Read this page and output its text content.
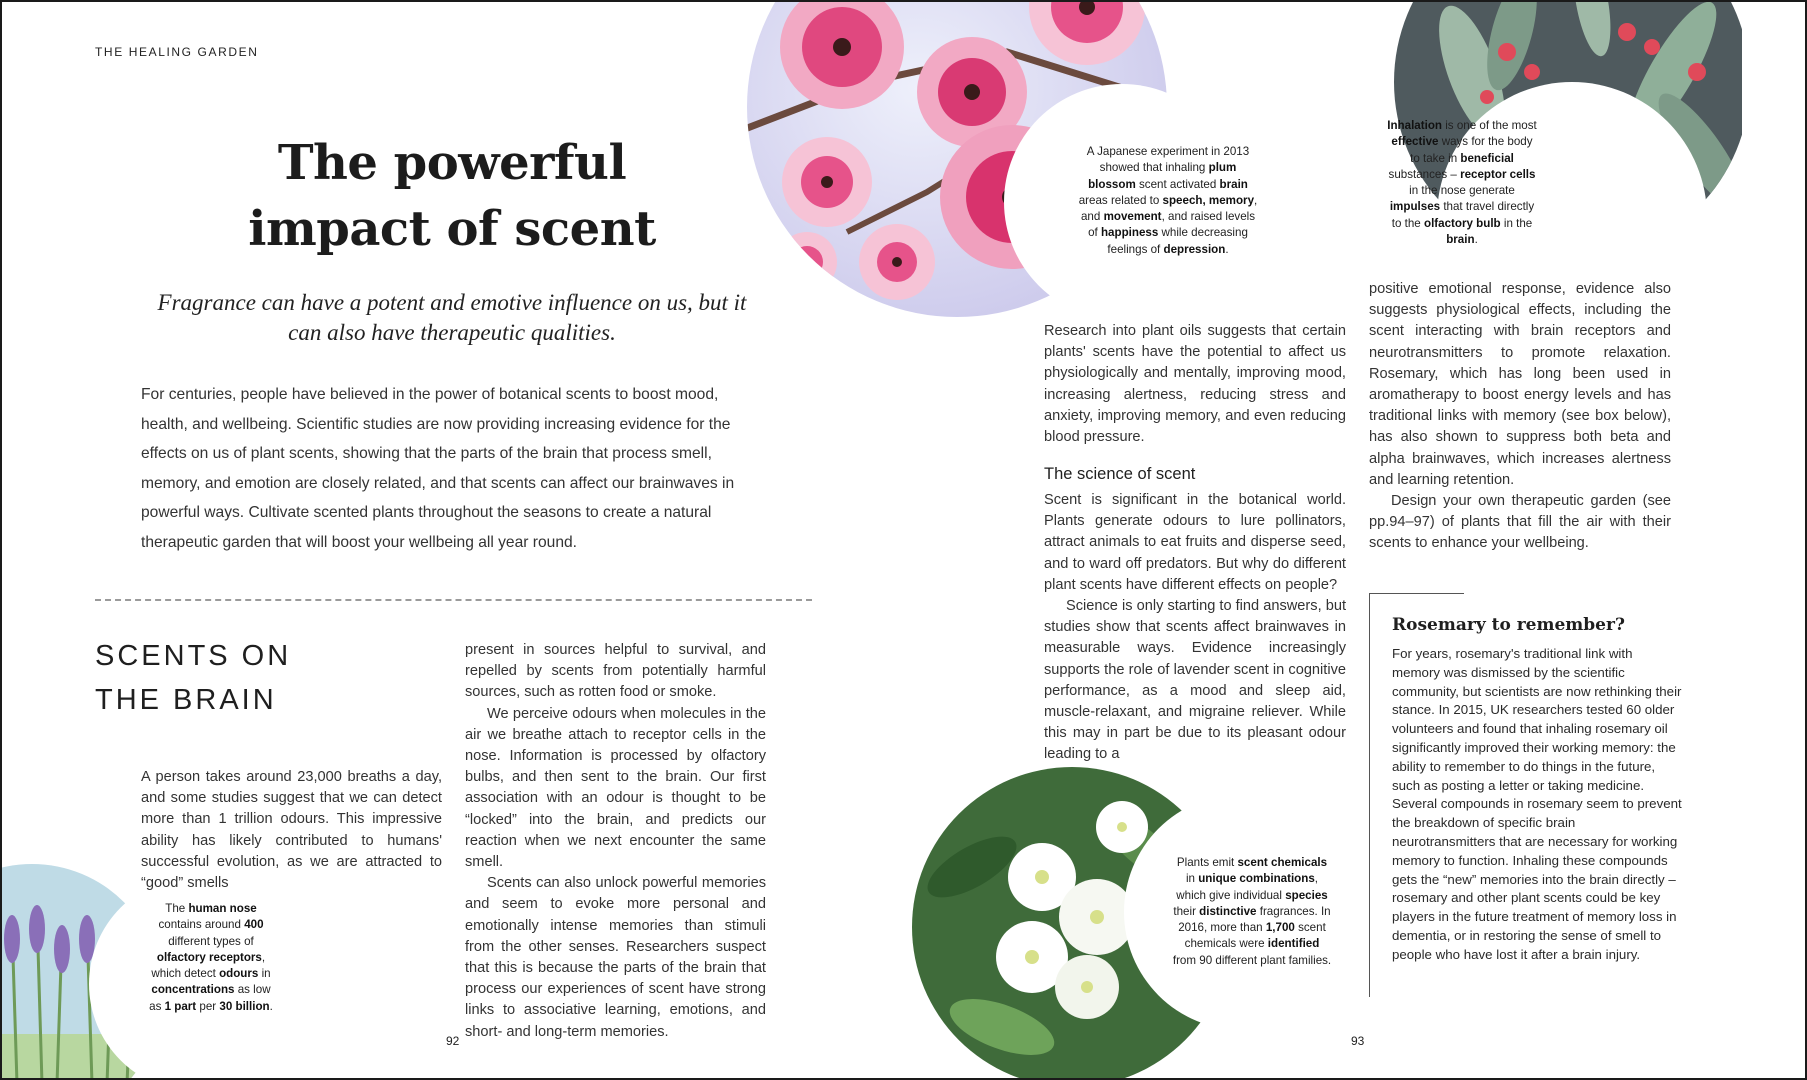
THE HEALING GARDEN
The powerful impact of scent
Fragrance can have a potent and emotive influence on us, but it can also have therapeutic qualities.
For centuries, people have believed in the power of botanical scents to boost mood, health, and wellbeing. Scientific studies are now providing increasing evidence for the effects on us of plant scents, showing that the parts of the brain that process smell, memory, and emotion are closely related, and that scents can affect our brainwaves in powerful ways. Cultivate scented plants throughout the seasons to create a natural therapeutic garden that will boost your wellbeing all year round.
SCENTS ON
THE BRAIN

A person takes around 23,000 breaths a day, and some studies suggest that we can detect more than 1 trillion odours. This impressive ability has likely contributed to humans' successful evolution, as we are attracted to “good” smells

present in sources helpful to survival, and repelled by scents from potentially harmful sources, such as rotten food or smoke.

We perceive odours when molecules in the air we breathe attach to receptor cells in the nose. Information is processed by olfactory bulbs, and then sent to the brain. Our first association with an odour is thought to be “locked” into the brain, and predicts our reaction when we next encounter the same smell.

Scents can also unlock powerful memories and seem to evoke more personal and emotionally intense memories than stimuli from the other senses. Researchers suspect that this is because the parts of the brain that process our experiences of scent have strong links to associative learning, emotions, and short- and long-term memories.

The human nose contains around 400 different types of olfactory receptors, which detect odours in concentrations as low as 1 part per 30 billion.
92
A Japanese experiment in 2013 showed that inhaling plum blossom scent activated brain areas related to speech, memory, and movement, and raised levels of happiness while decreasing feelings of depression.
Inhalation is one of the most effective ways for the body to take in beneficial substances – receptor cells in the nose generate impulses that travel directly to the olfactory bulb in the brain.

Research into plant oils suggests that certain plants' scents have the potential to affect us physiologically and mentally, improving mood, increasing alertness, reducing stress and anxiety, improving memory, and even reducing blood pressure.

The science of scent

Scent is significant in the botanical world. Plants generate odours to lure pollinators, attract animals to eat fruits and disperse seed, and to ward off predators. But why do different plant scents have different effects on people?

Science is only starting to find answers, but studies show that scents affect brainwaves in measurable ways. Evidence increasingly supports the role of lavender scent in cognitive performance, as a mood and sleep aid, muscle-relaxant, and migraine reliever. While this may in part be due to its pleasant odour leading to a

positive emotional response, evidence also suggests physiological effects, including the scent interacting with brain receptors and neurotransmitters to promote relaxation. Rosemary, which has long been used in aromatherapy to boost energy levels and has traditional links with memory (see box below), has also shown to suppress both beta and alpha brainwaves, which increases alertness and learning retention.

Design your own therapeutic garden (see pp.94–97) of plants that fill the air with their scents to enhance your wellbeing.

Rosemary to remember?
For years, rosemary's traditional link with memory was dismissed by the scientific community, but scientists are now rethinking their stance. In 2015, UK researchers tested 60 older volunteers and found that inhaling rosemary oil significantly improved their working memory: the ability to remember to do things in the future, such as posting a letter or taking medicine. Several compounds in rosemary seem to prevent the breakdown of specific brain neurotransmitters that are necessary for working memory to function. Inhaling these compounds gets the “new” memories into the brain directly – rosemary and other plant scents could be key players in the future treatment of memory loss in dementia, or in restoring the sense of smell to people who have lost it after a brain injury.
Plants emit scent chemicals in unique combinations, which give individual species their distinctive fragrances. In 2016, more than 1,700 scent chemicals were identified from 90 different plant families.
93
